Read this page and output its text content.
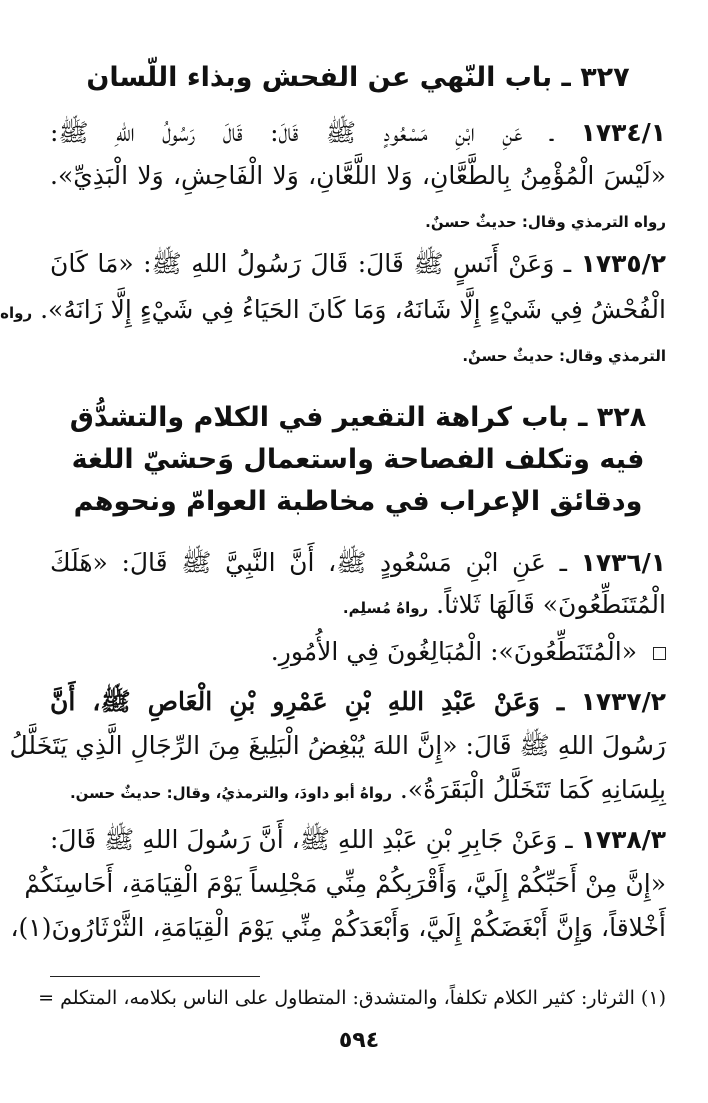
٣٢٧ ـ باب النّهي عن الفحش وبذاء اللّسان
١٧٣٤/١ ـ عَنِ ابْنِ مَسْعُودٍ ﷺ قَالَ: قَالَ رَسُولُ اللهِ ﷺ:
«لَيْسَ الْمُؤْمِنُ بِالطَّعَّانِ، وَلا اللَّعَّانِ، وَلا الْفَاحِشِ، وَلا الْبَذِيِّ».
رواه الترمذي وقال: حديثٌ حسنٌ.
١٧٣٥/٢ ـ وَعَنْ أَنَسٍ ﷺ قَالَ: قَالَ رَسُولُ اللهِ ﷺ: «مَا كَانَ
الْفُحْشُ فِي شَيْءٍ إِلَّا شَانَهُ، وَمَا كَانَ الحَيَاءُ فِي شَيْءٍ إِلَّا زَانَهُ». رواه
الترمذي وقال: حديثٌ حسنٌ.
٣٢٨ ـ باب كراهة التقعير في الكلام والتشدُّق
فيه وتكلف الفصاحة واستعمال وَحشيّ اللغة
ودقائق الإعراب في مخاطبة العوامّ ونحوهم
١٧٣٦/١ ـ عَنِ ابْنِ مَسْعُودٍ ﷺ، أَنَّ النَّبِيَّ ﷺ قَالَ: «هَلَكَ
الْمُتَنَطِّعُونَ» قَالَهَا ثَلاثاً. رواهُ مُسلِم.
«الْمُتَنَطِّعُونَ»: الْمُبَالِغُونَ فِي الأُمُورِ.
١٧٣٧/٢ ـ وَعَنْ عَبْدِ اللهِ بْنِ عَمْرِو بْنِ الْعَاصِ ﷺ، أَنَّ
رَسُولَ اللهِ ﷺ قَالَ: «إِنَّ اللهَ يُبْغِضُ الْبَلِيغَ مِنَ الرِّجَالِ الَّذِي يَتَخَلَّلُ
بِلِسَانِهِ كَمَا تَتَخَلَّلُ الْبَقَرَةُ». رواهُ أبو داودَ، والترمذيُ، وقال: حديثٌ حسن.
١٧٣٨/٣ ـ وَعَنْ جَابِرِ بْنِ عَبْدِ اللهِ ﷺ، أَنَّ رَسُولَ اللهِ ﷺ قَالَ:
«إِنَّ مِنْ أَحَبِّكُمْ إِلَيَّ، وَأَقْرَبِكُمْ مِنِّي مَجْلِساً يَوْمَ الْقِيَامَةِ، أَحَاسِنَكُمْ
أَخْلاقاً، وَإِنَّ أَبْغَضَكُمْ إِلَيَّ، وَأَبْعَدَكُمْ مِنِّي يَوْمَ الْقِيَامَةِ، الثَّرْثَارُونَ(١)،
(١) الثرثار: كثير الكلام تكلفاً، والمتشدق: المتطاول على الناس بكلامه، المتكلم =
٥٩٤
